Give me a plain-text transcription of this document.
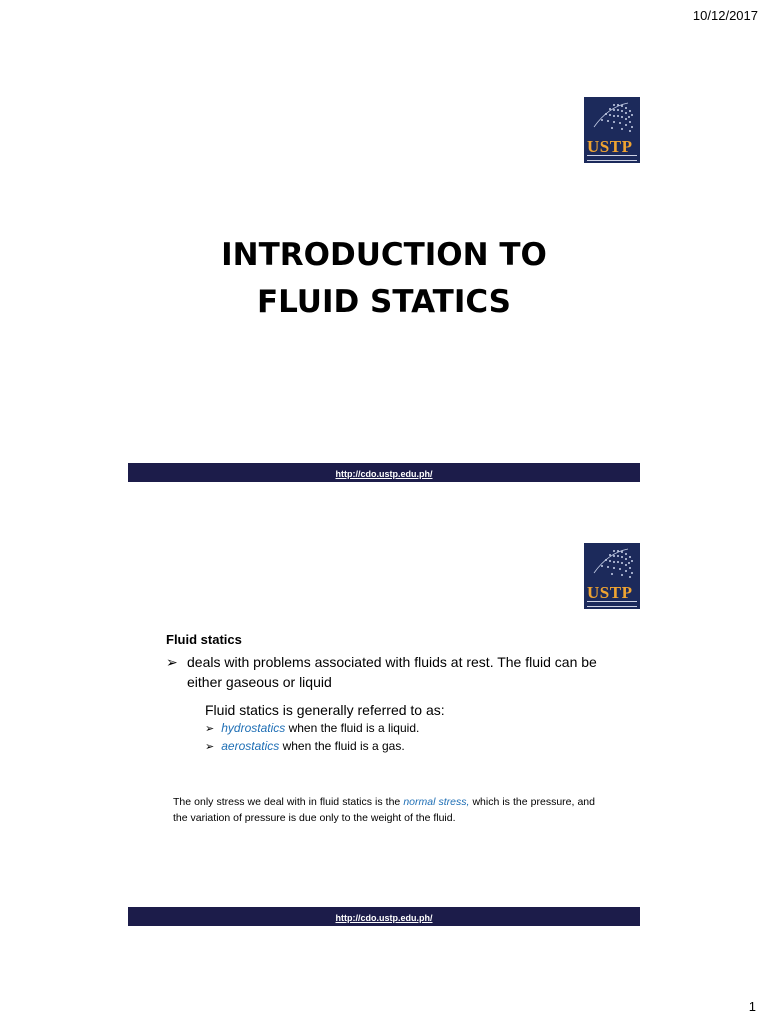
10/12/2017
USTP
INTRODUCTION TO
FLUID STATICS
http://cdo.ustp.edu.ph/
USTP
Fluid statics
➢ deals with problems associated with fluids at rest. The fluid can be either gaseous or liquid
Fluid statics is generally referred to as:
➢ hydrostatics when the fluid is a liquid.
➢ aerostatics when the fluid is a gas.
The only stress we deal with in fluid statics is the normal stress, which is the pressure, and the variation of pressure is due only to the weight of the fluid.
http://cdo.ustp.edu.ph/
1
